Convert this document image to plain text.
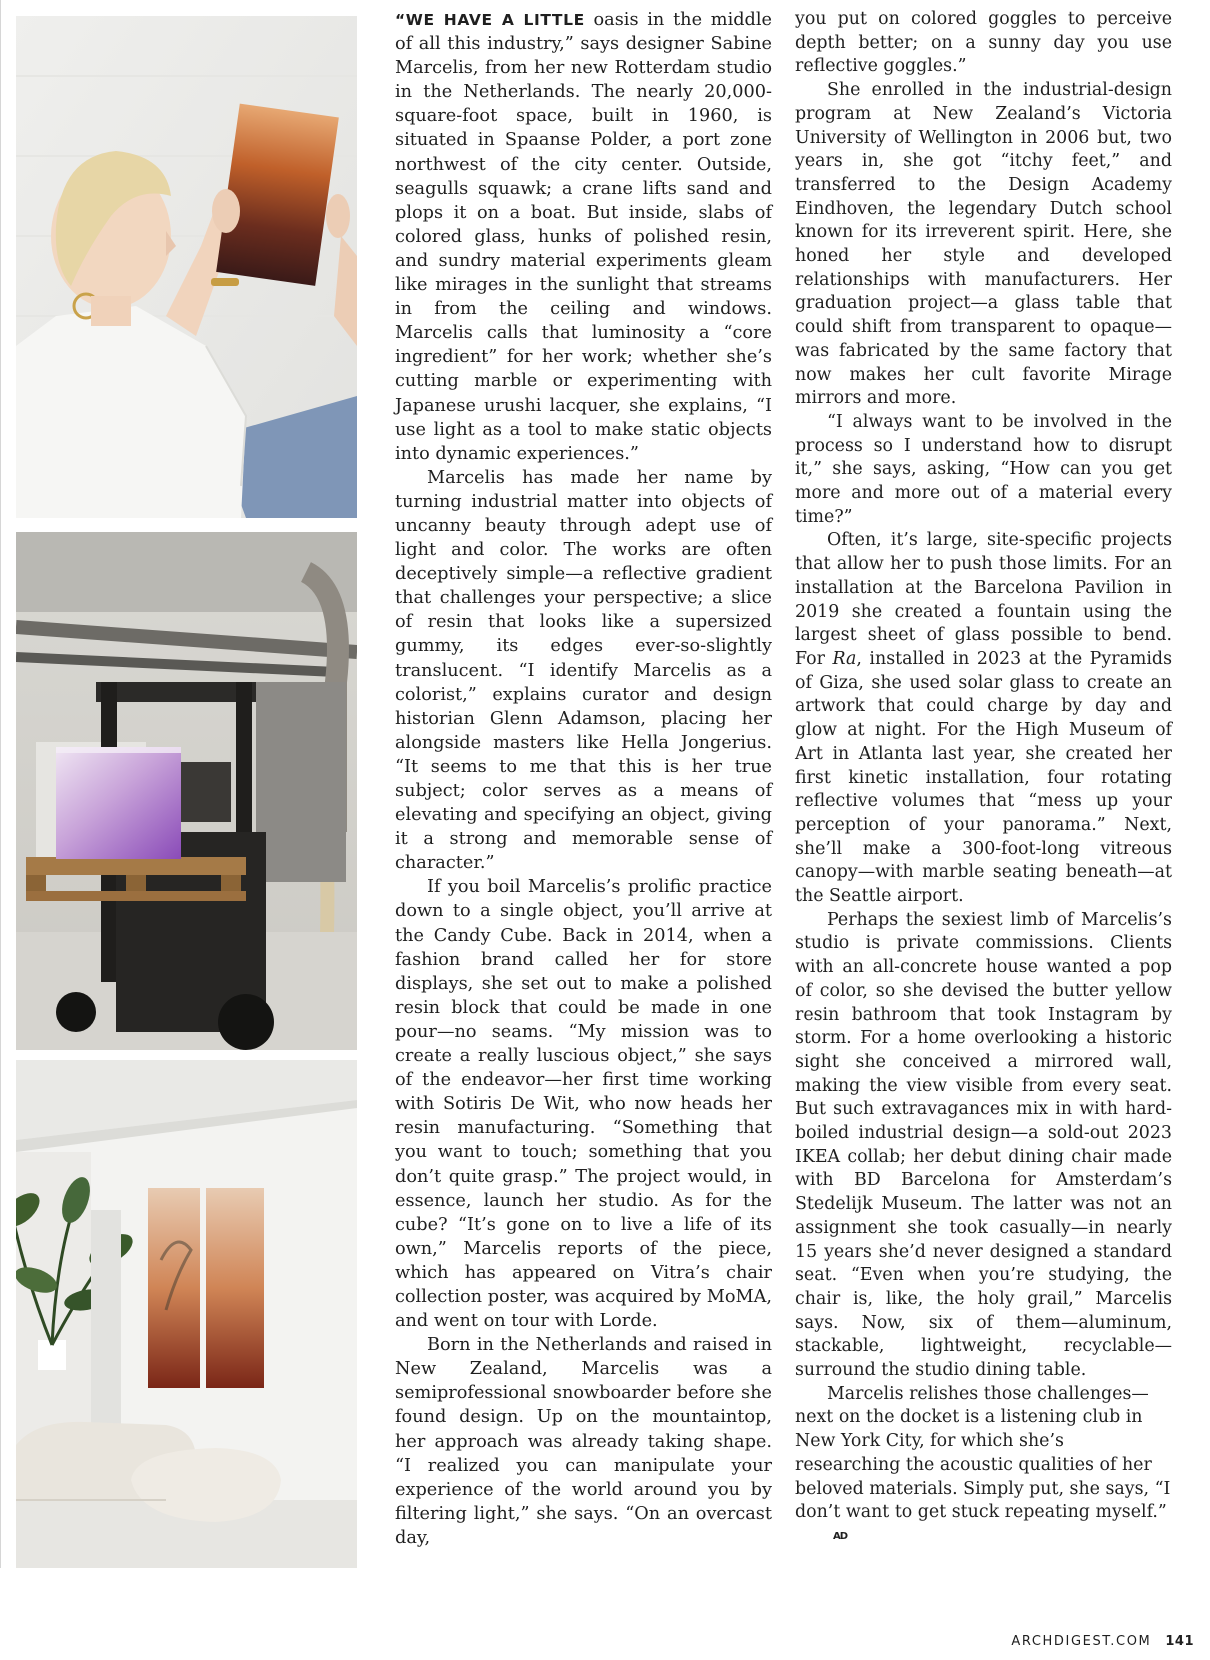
“WE HAVE A LITTLE oasis in the middle of all this industry,” says designer Sabine Marcelis, from her new Rotterdam studio in the Netherlands. The nearly 20,000-square-foot space, built in 1960, is situated in Spaanse Polder, a port zone northwest of the city center. Outside, seagulls squawk; a crane lifts sand and plops it on a boat. But inside, slabs of colored glass, hunks of polished resin, and sundry material experiments gleam like mirages in the sunlight that streams in from the ceiling and windows. Marcelis calls that luminosity a “core ingredient” for her work; whether she’s cutting marble or experimenting with Japanese urushi lacquer, she explains, “I use light as a tool to make static objects into dynamic experiences.”

Marcelis has made her name by turning industrial matter into objects of uncanny beauty through adept use of light and color. The works are often deceptively simple—a reflective gradient that challenges your perspective; a slice of resin that looks like a supersized gummy, its edges ever-so-slightly translucent. “I identify Marcelis as a colorist,” explains curator and design historian Glenn Adamson, placing her alongside masters like Hella Jongerius. “It seems to me that this is her true subject; color serves as a means of elevating and specifying an object, giving it a strong and memorable sense of character.”

If you boil Marcelis’s prolific practice down to a single object, you’ll arrive at the Candy Cube. Back in 2014, when a fashion brand called her for store displays, she set out to make a polished resin block that could be made in one pour—no seams. “My mission was to create a really luscious object,” she says of the endeavor—her first time working with Sotiris De Wit, who now heads her resin manufacturing. “Something that you want to touch; something that you don’t quite grasp.” The project would, in essence, launch her studio. As for the cube? “It’s gone on to live a life of its own,” Marcelis reports of the piece, which has appeared on Vitra’s chair collection poster, was acquired by MoMA, and went on tour with Lorde.

Born in the Netherlands and raised in New Zealand, Marcelis was a semiprofessional snowboarder before she found design. Up on the mountaintop, her approach was already taking shape. “I realized you can manipulate your experience of the world around you by filtering light,” she says. “On an overcast day,

you put on colored goggles to perceive depth better; on a sunny day you use reflective goggles.”

She enrolled in the industrial-design program at New Zealand’s Victoria University of Wellington in 2006 but, two years in, she got “itchy feet,” and transferred to the Design Academy Eindhoven, the legendary Dutch school known for its irreverent spirit. Here, she honed her style and developed relationships with manufacturers. Her graduation project—a glass table that could shift from transparent to opaque—was fabricated by the same factory that now makes her cult favorite Mirage mirrors and more.

“I always want to be involved in the process so I understand how to disrupt it,” she says, asking, “How can you get more and more out of a material every time?”

Often, it’s large, site-specific projects that allow her to push those limits. For an installation at the Barcelona Pavilion in 2019 she created a fountain using the largest sheet of glass possible to bend. For Ra, installed in 2023 at the Pyramids of Giza, she used solar glass to create an artwork that could charge by day and glow at night. For the High Museum of Art in Atlanta last year, she created her first kinetic installation, four rotating reflective volumes that “mess up your perception of your panorama.” Next, she’ll make a 300-foot-long vitreous canopy—with marble seating beneath—at the Seattle airport.

Perhaps the sexiest limb of Marcelis’s studio is private commissions. Clients with an all-concrete house wanted a pop of color, so she devised the butter yellow resin bathroom that took Instagram by storm. For a home overlooking a historic sight she conceived a mirrored wall, making the view visible from every seat. But such extravagances mix in with hard-boiled industrial design—a sold-out 2023 IKEA collab; her debut dining chair made with BD Barcelona for Amsterdam’s Stedelijk Museum. The latter was not an assignment she took casually—in nearly 15 years she’d never designed a standard seat. “Even when you’re studying, the chair is, like, the holy grail,” Marcelis says. Now, six of them—aluminum, stackable, lightweight, recyclable—surround the studio dining table.

Marcelis relishes those challenges—next on the docket is a listening club in New York City, for which she’s researching the acoustic qualities of her beloved materials. Simply put, she says, “I don’t want to get stuck repeating myself.”AD

ARCHDIGEST.COM 141
